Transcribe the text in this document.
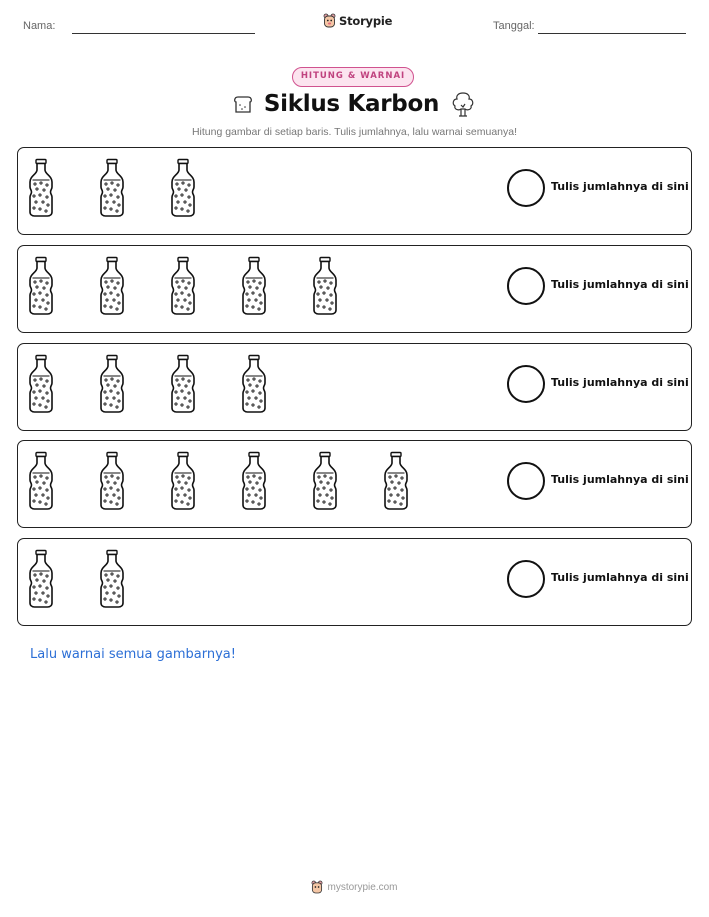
Nama:	Storypie	Tanggal:
HITUNG & WARNAI
Siklus Karbon
Hitung gambar di setiap baris. Tulis jumlahnya, lalu warnai semuanya!
Tulis jumlahnya di sini
Tulis jumlahnya di sini
Tulis jumlahnya di sini
Tulis jumlahnya di sini
Tulis jumlahnya di sini
Lalu warnai semua gambarnya!
mystorypie.com
